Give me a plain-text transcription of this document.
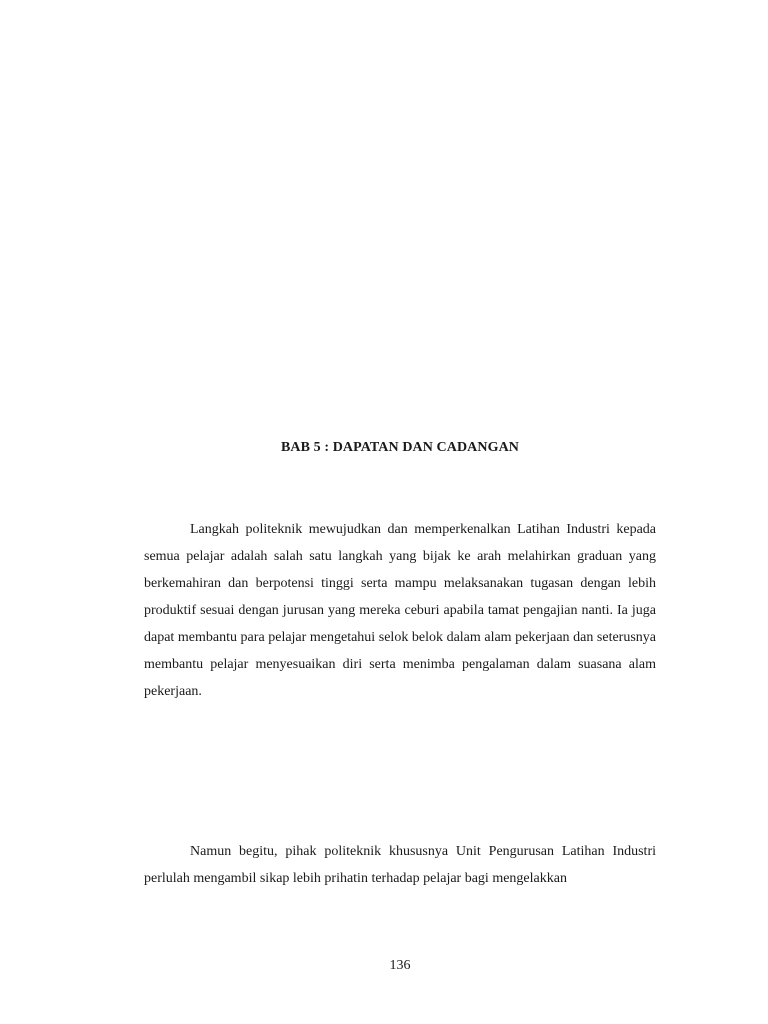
BAB 5 : DAPATAN DAN CADANGAN

Langkah politeknik mewujudkan dan memperkenalkan Latihan Industri kepada semua pelajar adalah salah satu langkah yang bijak ke arah melahirkan graduan yang berkemahiran dan berpotensi tinggi serta mampu melaksanakan tugasan dengan lebih produktif sesuai dengan jurusan yang mereka ceburi apabila tamat pengajian nanti. Ia juga dapat membantu para pelajar mengetahui selok belok dalam alam pekerjaan dan seterusnya membantu pelajar menyesuaikan diri serta menimba pengalaman dalam suasana alam pekerjaan.

Namun begitu, pihak politeknik khususnya Unit Pengurusan Latihan Industri perlulah mengambil sikap lebih prihatin terhadap pelajar bagi mengelakkan

136
